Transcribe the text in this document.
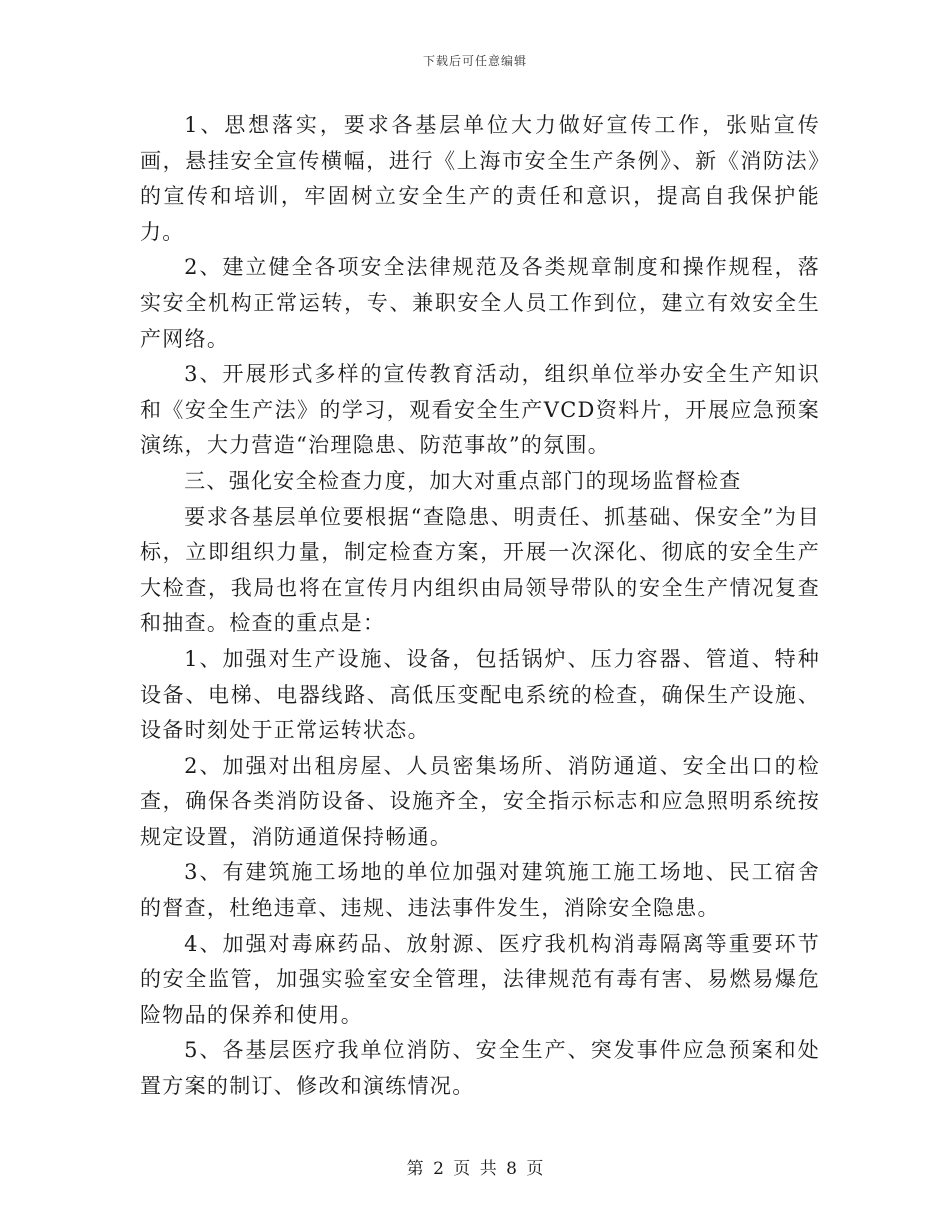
下载后可任意编辑

1、思想落实，要求各基层单位大力做好宣传工作，张贴宣传画，悬挂安全宣传横幅，进行《上海市安全生产条例》、新《消防法》的宣传和培训，牢固树立安全生产的责任和意识，提高自我保护能力。

2、建立健全各项安全法律规范及各类规章制度和操作规程，落实安全机构正常运转，专、兼职安全人员工作到位，建立有效安全生产网络。

3、开展形式多样的宣传教育活动，组织单位举办安全生产知识和《安全生产法》的学习，观看安全生产VCD资料片，开展应急预案演练，大力营造“治理隐患、防范事故”的氛围。

三、强化安全检查力度，加大对重点部门的现场监督检查

要求各基层单位要根据“查隐患、明责任、抓基础、保安全”为目标，立即组织力量，制定检查方案，开展一次深化、彻底的安全生产大检查，我局也将在宣传月内组织由局领导带队的安全生产情况复查和抽查。检查的重点是：

1、加强对生产设施、设备，包括锅炉、压力容器、管道、特种设备、电梯、电器线路、高低压变配电系统的检查，确保生产设施、设备时刻处于正常运转状态。

2、加强对出租房屋、人员密集场所、消防通道、安全出口的检查，确保各类消防设备、设施齐全，安全指示标志和应急照明系统按规定设置，消防通道保持畅通。

3、有建筑施工场地的单位加强对建筑施工施工场地、民工宿舍的督查，杜绝违章、违规、违法事件发生，消除安全隐患。

4、加强对毒麻药品、放射源、医疗我机构消毒隔离等重要环节的安全监管，加强实验室安全管理，法律规范有毒有害、易燃易爆危险物品的保养和使用。

5、各基层医疗我单位消防、安全生产、突发事件应急预案和处置方案的制订、修改和演练情况。

第 2 页 共 8 页
